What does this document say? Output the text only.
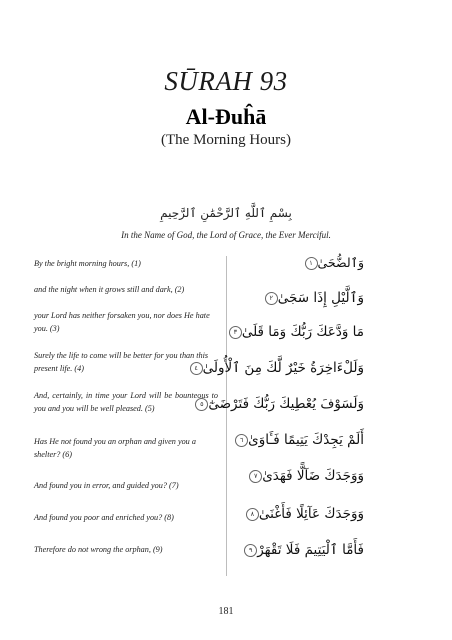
SŪRAH 93
Al-Đuĥā
(The Morning Hours)
بِسْمِ ٱللَّهِ ٱلرَّحْمَٰنِ ٱلرَّحِيمِ
In the Name of God, the Lord of Grace, the Ever Merciful.
By the bright morning hours, (1)
and the night when it grows still and dark, (2)
your Lord has neither forsaken you, nor does He hate you. (3)
Surely the life to come will be better for you than this present life. (4)
And, certainly, in time your Lord will be bounteous to you and you will be well pleased. (5)
Has He not found you an orphan and given you a shelter? (6)
And found you in error, and guided you? (7)
And found you poor and enriched you? (8)
Therefore do not wrong the orphan, (9)
وَٱلضُّحَىٰ١
وَٱلَّيْلِ إِذَا سَجَىٰ٢
مَا وَدَّعَكَ رَبُّكَ وَمَا قَلَىٰ٣
وَلَلْءَاخِرَةُ خَيْرٌ لَّكَ مِنَ ٱلْأُولَىٰ٤
وَلَسَوْفَ يُعْطِيكَ رَبُّكَ فَتَرْضَىٰٓ٥
أَلَمْ يَجِدْكَ يَتِيمًا فَـَٔاوَىٰ٦
وَوَجَدَكَ ضَآلًّا فَهَدَىٰ٧
وَوَجَدَكَ عَآئِلًا فَأَغْنَىٰ٨
فَأَمَّا ٱلْيَتِيمَ فَلَا تَقْهَرْ٩
181
